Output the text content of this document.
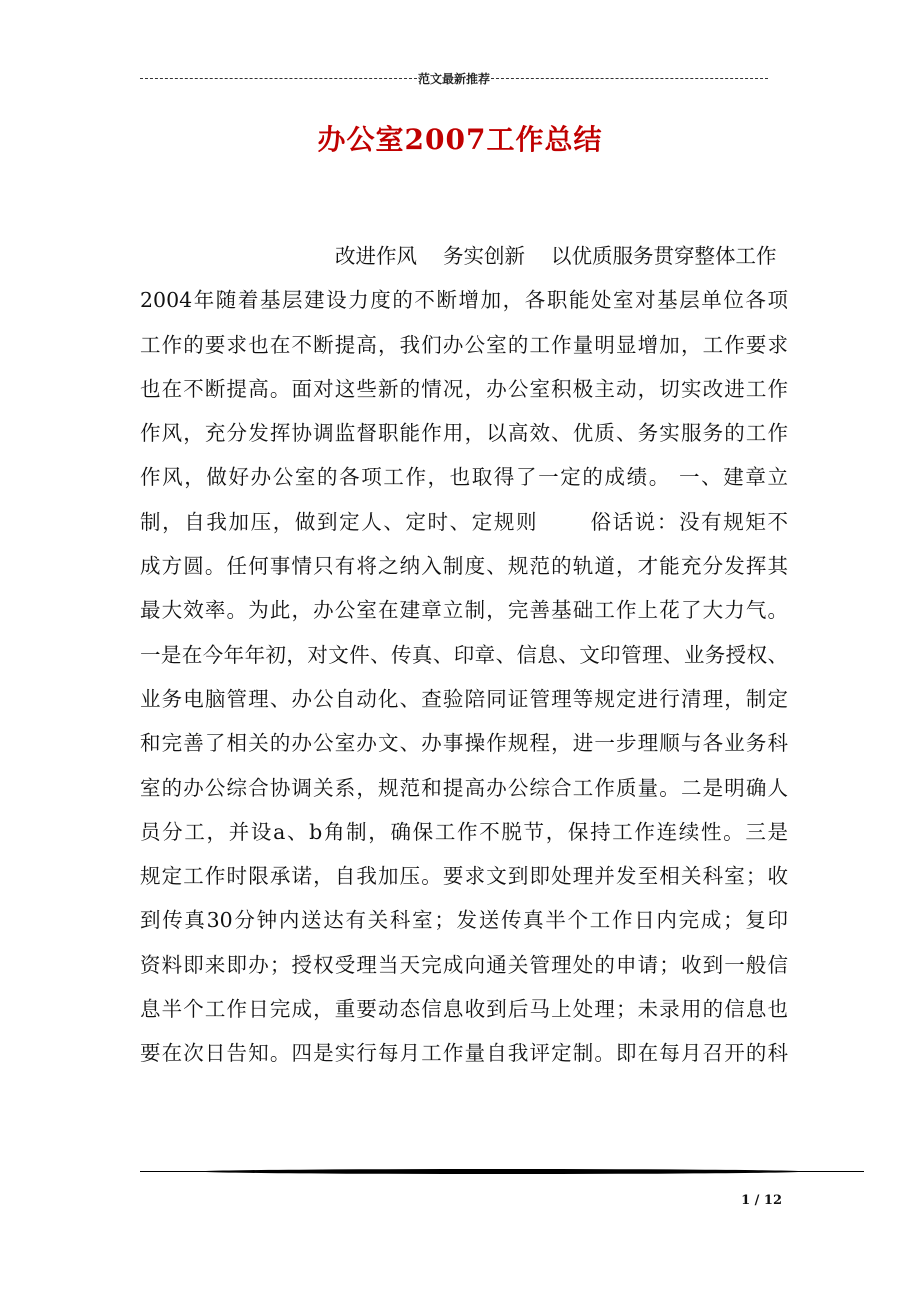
范文最新推荐
办公室2007工作总结

改进作风 务实创新 以优质服务贯穿整体工作

2004年随着基层建设力度的不断增加，各职能处室对基层单位各项

工作的要求也在不断提高，我们办公室的工作量明显增加，工作要求

也在不断提高。面对这些新的情况，办公室积极主动，切实改进工作

作风，充分发挥协调监督职能作用，以高效、优质、务实服务的工作

作风，做好办公室的各项工作，也取得了一定的成绩。 一、建章立

制，自我加压，做到定人、定时、定规则　　 俗话说：没有规矩不

成方圆。任何事情只有将之纳入制度、规范的轨道，才能充分发挥其

最大效率。为此，办公室在建章立制，完善基础工作上花了大力气。

一是在今年年初，对文件、传真、印章、信息、文印管理、业务授权、

业务电脑管理、办公自动化、查验陪同证管理等规定进行清理，制定

和完善了相关的办公室办文、办事操作规程，进一步理顺与各业务科

室的办公综合协调关系，规范和提高办公综合工作质量。二是明确人

员分工，并设a、b角制，确保工作不脱节，保持工作连续性。三是

规定工作时限承诺，自我加压。要求文到即处理并发至相关科室；收

到传真30分钟内送达有关科室；发送传真半个工作日内完成；复印

资料即来即办；授权受理当天完成向通关管理处的申请；收到一般信

息半个工作日完成，重要动态信息收到后马上处理；未录用的信息也

要在次日告知。四是实行每月工作量自我评定制。即在每月召开的科

1 / 12
